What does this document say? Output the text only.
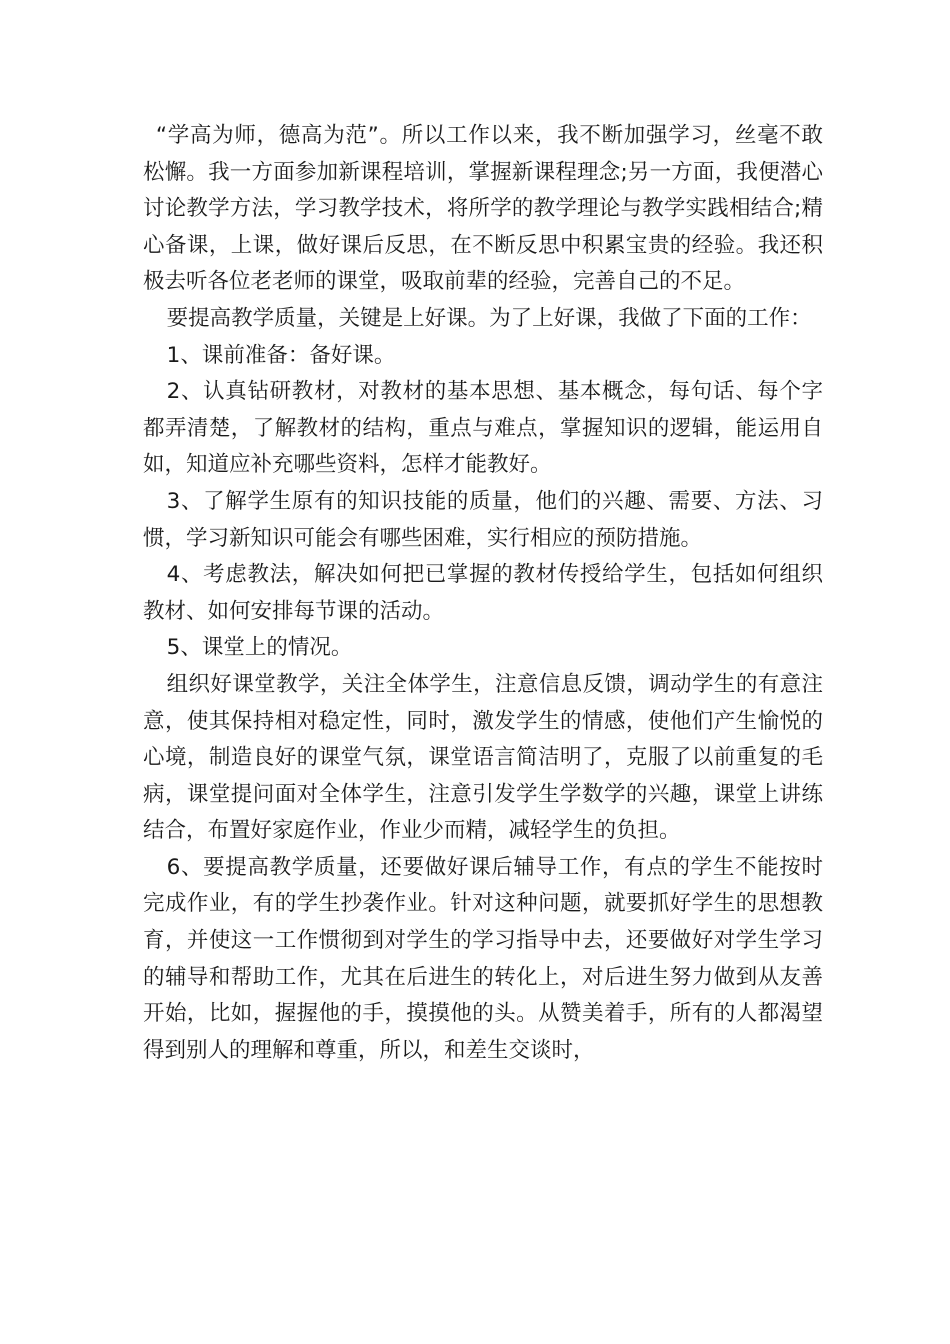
“学高为师，德高为范”。所以工作以来，我不断加强学习，丝毫不敢松懈。我一方面参加新课程培训，掌握新课程理念;另一方面，我便潜心讨论教学方法，学习教学技术，将所学的教学理论与教学实践相结合;精心备课，上课，做好课后反思，在不断反思中积累宝贵的经验。我还积极去听各位老老师的课堂，吸取前辈的经验，完善自己的不足。

要提高教学质量，关键是上好课。为了上好课，我做了下面的工作：

1、课前准备：备好课。

2、认真钻研教材，对教材的基本思想、基本概念，每句话、每个字都弄清楚，了解教材的结构，重点与难点，掌握知识的逻辑，能运用自如，知道应补充哪些资料，怎样才能教好。

3、了解学生原有的知识技能的质量，他们的兴趣、需要、方法、习惯，学习新知识可能会有哪些困难，实行相应的预防措施。

4、考虑教法，解决如何把已掌握的教材传授给学生，包括如何组织教材、如何安排每节课的活动。

5、课堂上的情况。

组织好课堂教学，关注全体学生，注意信息反馈，调动学生的有意注意，使其保持相对稳定性，同时，激发学生的情感，使他们产生愉悦的心境，制造良好的课堂气氛，课堂语言简洁明了，克服了以前重复的毛病，课堂提问面对全体学生，注意引发学生学数学的兴趣，课堂上讲练结合，布置好家庭作业，作业少而精，减轻学生的负担。

6、要提高教学质量，还要做好课后辅导工作，有点的学生不能按时完成作业，有的学生抄袭作业。针对这种问题，就要抓好学生的思想教育，并使这一工作惯彻到对学生的学习指导中去，还要做好对学生学习的辅导和帮助工作，尤其在后进生的转化上，对后进生努力做到从友善开始，比如，握握他的手，摸摸他的头。从赞美着手，所有的人都渴望得到别人的理解和尊重，所以，和差生交谈时，
